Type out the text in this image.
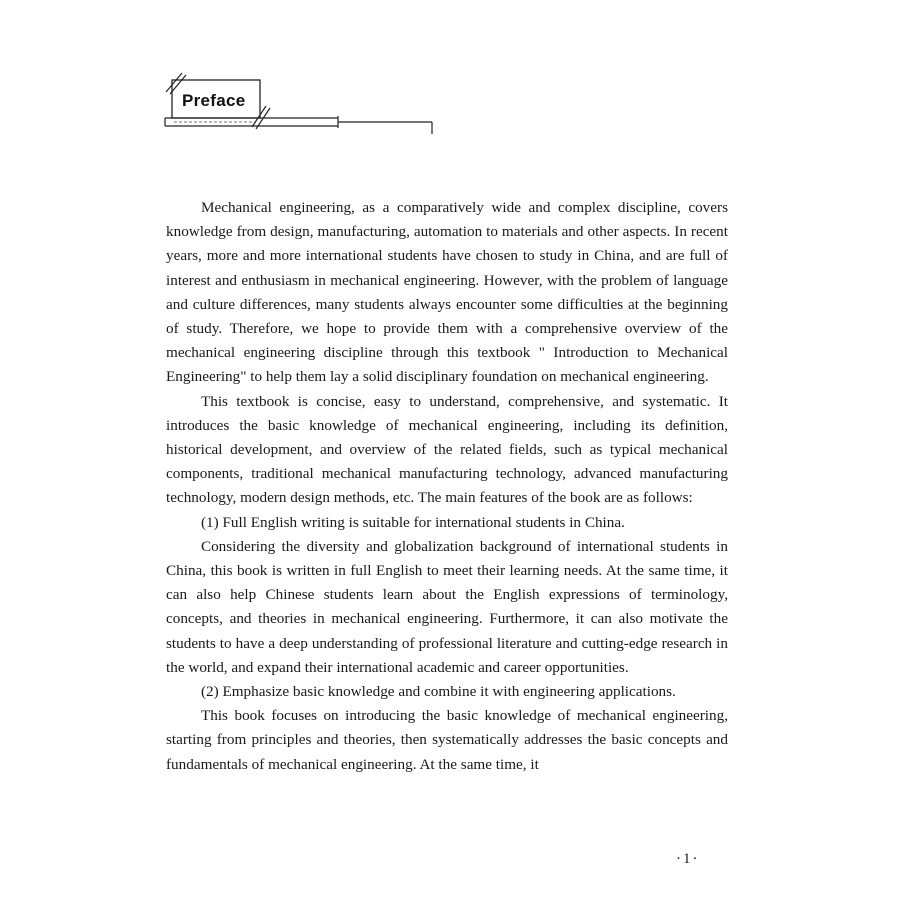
Preface

Mechanical engineering, as a comparatively wide and complex discipline, covers knowledge from design, manufacturing, automation to materials and other aspects. In recent years, more and more international students have chosen to study in China, and are full of interest and enthusiasm in mechanical engineering. However, with the problem of language and culture differences, many students always encounter some difficulties at the beginning of study. Therefore, we hope to provide them with a comprehensive overview of the mechanical engineering discipline through this textbook " Introduction to Mechanical Engineering" to help them lay a solid disciplinary foundation on mechanical engineering.

This textbook is concise, easy to understand, comprehensive, and systematic. It introduces the basic knowledge of mechanical engineering, including its definition, historical development, and overview of the related fields, such as typical mechanical components, traditional mechanical manufacturing technology, advanced manufacturing technology, modern design methods, etc. The main features of the book are as follows:

(1) Full English writing is suitable for international students in China.

Considering the diversity and globalization background of international students in China, this book is written in full English to meet their learning needs. At the same time, it can also help Chinese students learn about the English expressions of terminology, concepts, and theories in mechanical engineering. Furthermore, it can also motivate the students to have a deep understanding of professional literature and cutting-edge research in the world, and expand their international academic and career opportunities.

(2) Emphasize basic knowledge and combine it with engineering applications.

This book focuses on introducing the basic knowledge of mechanical engineering, starting from principles and theories, then systematically addresses the basic concepts and fundamentals of mechanical engineering. At the same time, it

·1·
